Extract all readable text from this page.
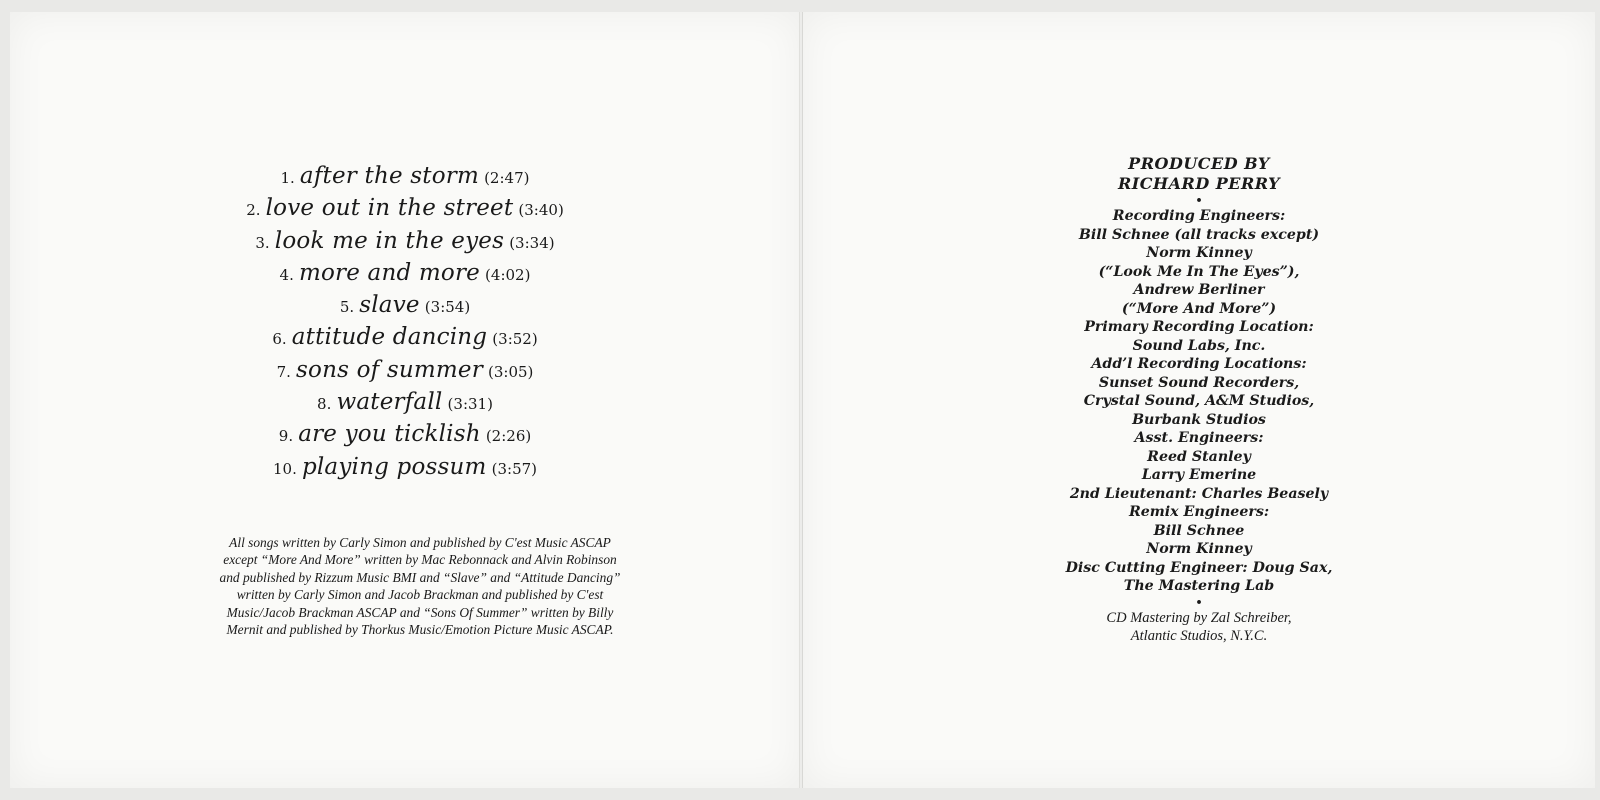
1. after the storm (2:47)
2. love out in the street (3:40)
3. look me in the eyes (3:34)
4. more and more (4:02)
5. slave (3:54)
6. attitude dancing (3:52)
7. sons of summer (3:05)
8. waterfall (3:31)
9. are you ticklish (2:26)
10. playing possum (3:57)
All songs written by Carly Simon and published by C'est Music ASCAP
except “More And More” written by Mac Rebonnack and Alvin Robinson
and published by Rizzum Music BMI and “Slave” and “Attitude Dancing”
written by Carly Simon and Jacob Brackman and published by C'est
Music/Jacob Brackman ASCAP and “Sons Of Summer” written by Billy
Mernit and published by Thorkus Music/Emotion Picture Music ASCAP.
PRODUCED BY
RICHARD PERRY
•
Recording Engineers:
Bill Schnee (all tracks except)
Norm Kinney
(“Look Me In The Eyes”),
Andrew Berliner
(“More And More”)
Primary Recording Location:
Sound Labs, Inc.
Add’l Recording Locations:
Sunset Sound Recorders,
Crystal Sound, A&M Studios,
Burbank Studios
Asst. Engineers:
Reed Stanley
Larry Emerine
2nd Lieutenant: Charles Beasely
Remix Engineers:
Bill Schnee
Norm Kinney
Disc Cutting Engineer: Doug Sax,
The Mastering Lab
•
CD Mastering by Zal Schreiber,
Atlantic Studios, N.Y.C.
